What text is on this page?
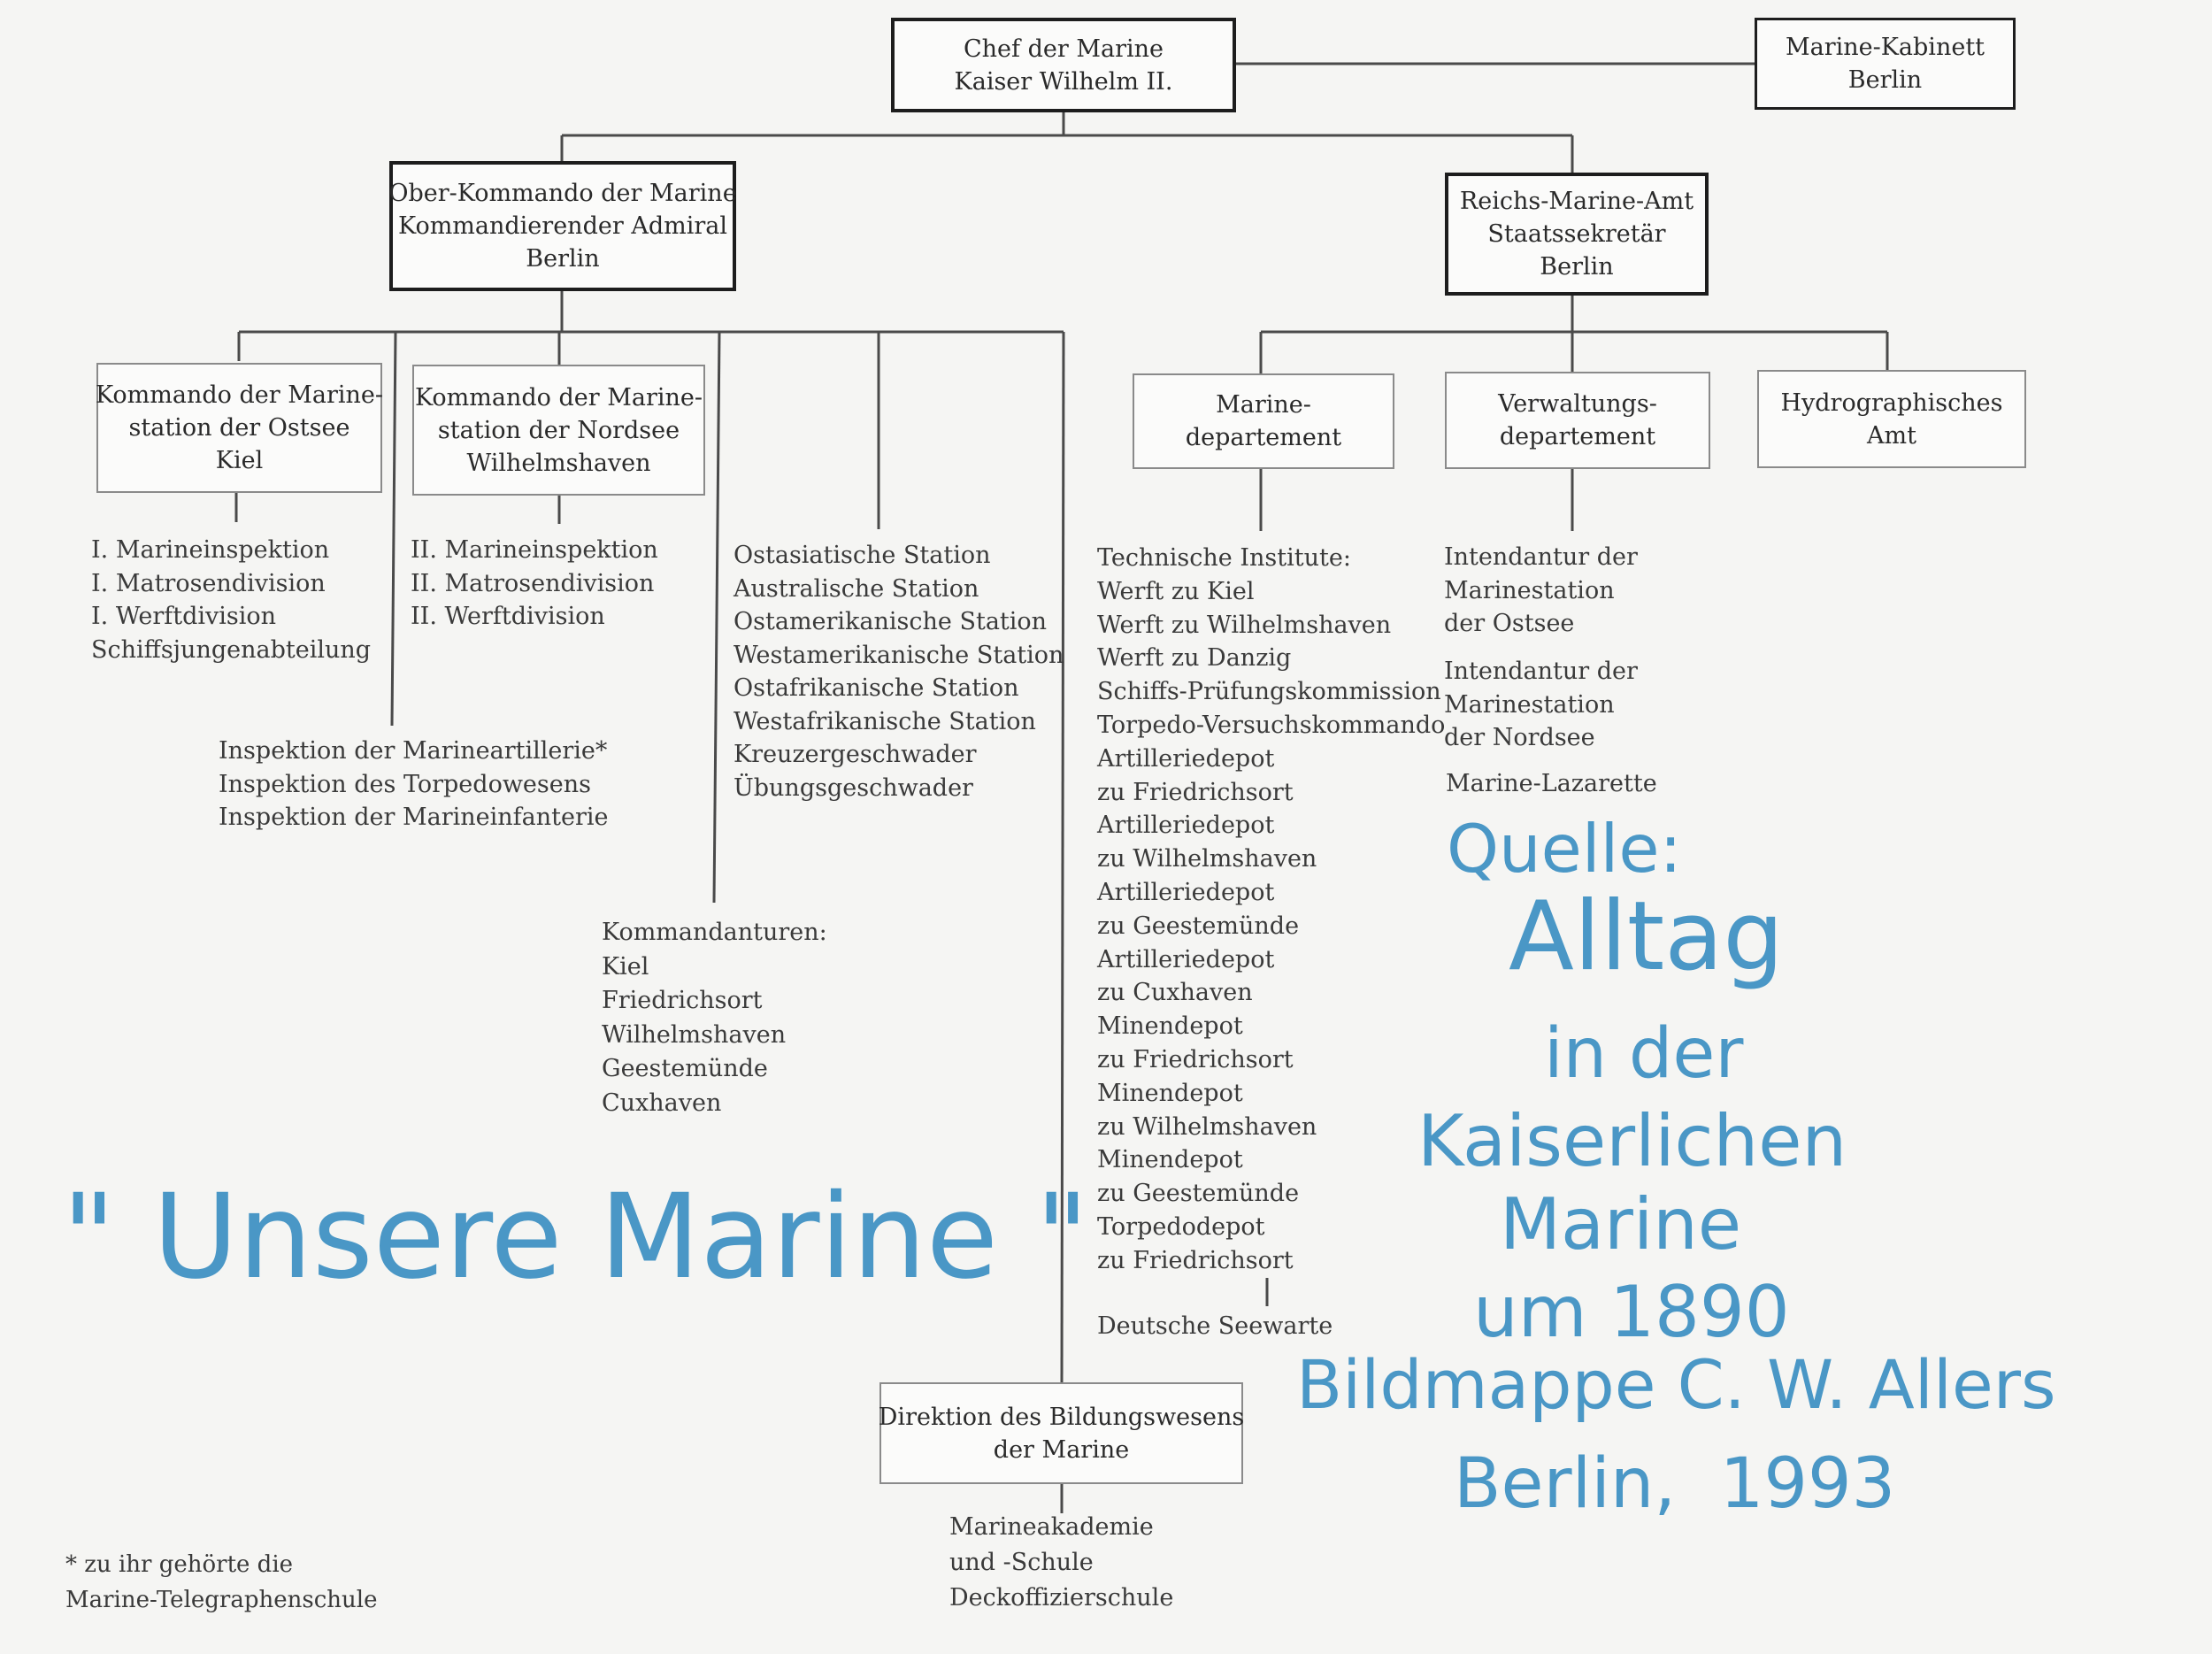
Chef der Marine
Kaiser Wilhelm II.
Marine-Kabinett
Berlin
Ober-Kommando der Marine
Kommandierender Admiral
Berlin
Reichs-Marine-Amt
Staatssekretär
Berlin
Kommando der Marine-
station der Ostsee
Kiel
Kommando der Marine-
station der Nordsee
Wilhelmshaven
Marine-
departement
Verwaltungs-
departement
Hydrographisches
Amt
Direktion des Bildungswesens
der Marine
I. Marineinspektion
I. Matrosendivision
I. Werftdivision
Schiffsjungenabteilung
II. Marineinspektion
II. Matrosendivision
II. Werftdivision
Inspektion der Marineartillerie*
Inspektion des Torpedowesens
Inspektion der Marineinfanterie
Ostasiatische Station
Australische Station
Ostamerikanische Station
Westamerikanische Station
Ostafrikanische Station
Westafrikanische Station
Kreuzergeschwader
Übungsgeschwader
Kommandanturen:
Kiel
Friedrichsort
Wilhelmshaven
Geestemünde
Cuxhaven
Technische Institute:
Werft zu Kiel
Werft zu Wilhelmshaven
Werft zu Danzig
Schiffs-Prüfungskommission
Torpedo-Versuchskommando
Artilleriedepot
zu Friedrichsort
Artilleriedepot
zu Wilhelmshaven
Artilleriedepot
zu Geestemünde
Artilleriedepot
zu Cuxhaven
Minendepot
zu Friedrichsort
Minendepot
zu Wilhelmshaven
Minendepot
zu Geestemünde
Torpedodepot
zu Friedrichsort
Deutsche Seewarte
Intendantur der
Marinestation
der Ostsee
Intendantur der
Marinestation
der Nordsee
Marine-Lazarette
Marineakademie
und -Schule
Deckoffizierschule
* zu ihr gehörte die
Marine-Telegraphenschule
" Unsere Marine "
Quelle:
Alltag
in der
Kaiserlichen
Marine
um 1890
Bildmappe C. W. Allers
Berlin,  1993
